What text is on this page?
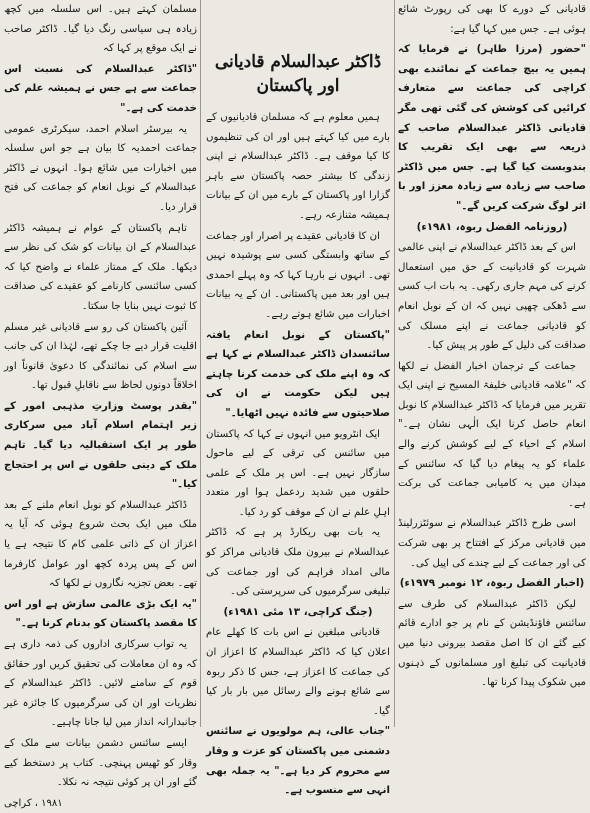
قادیانی کے دورے کا بھی کی رپورٹ شائع ہوئی ہے۔ جس میں کہا گیا ہے:

"حضور (مرزا طاہر) نے فرمایا کہ ہمیں یہ بیچ جماعت کے نمائندے بھی کراچی کی جماعت سے متعارف کرائیں کی کوشش کی گئی تھی مگر قادیانی ڈاکٹر عبدالسلام صاحب کے ذریعہ سے بھی ایک تقریب کا بندوبست کیا گیا ہے۔ جس میں ڈاکٹر صاحب سے زیادہ سے زیادہ معزز اور با اثر لوگ شرکت کریں گے۔"

(روزنامہ الفضل ربوہ، ۱۹۸۱ء)

اس کے بعد ڈاکٹر عبدالسلام نے اپنی عالمی شہرت کو قادیانیت کے حق میں استعمال کرنے کی مہم جاری رکھی۔ یہ بات اب کسی سے ڈھکی چھپی نہیں کہ ان کے نوبل انعام کو قادیانی جماعت نے اپنے مسلک کی صداقت کی دلیل کے طور پر پیش کیا۔

جماعت کے ترجمان اخبار الفضل نے لکھا کہ "علامہ قادیانی خلیفۃ المسیح نے اپنی ایک تقریر میں فرمایا کہ ڈاکٹر عبدالسلام کا نوبل انعام حاصل کرنا ایک الٰہی نشان ہے۔" اسلام کے احیاء کے لیے کوشش کرنے والے علماء کو یہ پیغام دیا گیا کہ سائنس کے میدان میں یہ کامیابی جماعت کی برکت ہے۔

اسی طرح ڈاکٹر عبدالسلام نے سوئٹزرلینڈ میں قادیانی مرکز کے افتتاح پر بھی شرکت کی اور جماعت کے لیے چندے کی اپیل کی۔

(اخبار الفضل ربوہ، ۱۲ نومبر ۱۹۷۹ء)

لیکن ڈاکٹر عبدالسلام کی طرف سے سائنس فاؤنڈیشن کے نام پر جو ادارے قائم کیے گئے ان کا اصل مقصد بیرونی دنیا میں قادیانیت کی تبلیغ اور مسلمانوں کے ذہنوں میں شکوک پیدا کرنا تھا۔

ڈاکٹر عبدالسلام قادیانی اور پاکستان

ہمیں معلوم ہے کہ مسلمان قادیانیوں کے بارے میں کیا کہتے ہیں اور ان کی تنظیموں کا کیا موقف ہے۔ ڈاکٹر عبدالسلام نے اپنی زندگی کا بیشتر حصہ پاکستان سے باہر گزارا اور پاکستان کے بارے میں ان کے بیانات ہمیشہ متنازعہ رہے۔

ان کا قادیانی عقیدے پر اصرار اور جماعت کے ساتھ وابستگی کسی سے پوشیدہ نہیں تھی۔ انہوں نے بارہا کہا کہ وہ پہلے احمدی ہیں اور بعد میں پاکستانی۔ ان کے یہ بیانات اخبارات میں شائع ہوتے رہے۔

"پاکستان کے نوبل انعام یافتہ سائنسدان ڈاکٹر عبدالسلام نے کہا ہے کہ وہ اپنے ملک کی خدمت کرنا چاہتے ہیں لیکن حکومت نے ان کی صلاحیتوں سے فائدہ نہیں اٹھایا۔"

ایک انٹرویو میں انہوں نے کہا کہ پاکستان میں سائنس کی ترقی کے لیے ماحول سازگار نہیں ہے۔ اس پر ملک کے علمی حلقوں میں شدید ردعمل ہوا اور متعدد اہلِ علم نے ان کے موقف کو رد کیا۔

یہ بات بھی ریکارڈ پر ہے کہ ڈاکٹر عبدالسلام نے بیرون ملک قادیانی مراکز کو مالی امداد فراہم کی اور جماعت کی تبلیغی سرگرمیوں کی سرپرستی کی۔

(جنگ کراچی، ۱۳ مئی ۱۹۸۱ء)

قادیانی مبلغین نے اس بات کا کھلے عام اعلان کیا کہ ڈاکٹر عبدالسلام کا اعزاز ان کی جماعت کا اعزاز ہے، جس کا ذکر ربوہ سے شائع ہونے والے رسائل میں بار بار کیا گیا۔

"جناب عالی، ہم مولویوں نے سائنس دشمنی میں پاکستان کو عزت و وقار سے محروم کر دیا ہے۔" یہ جملہ بھی انہی سے منسوب ہے۔

مسلمان کہتے ہیں۔ اس سلسلہ میں کچھ زیادہ ہی سیاسی رنگ دیا گیا۔ ڈاکٹر صاحب نے ایک موقع پر کہا کہ

"ڈاکٹر عبدالسلام کی نسبت اس جماعت سے ہے جس نے ہمیشہ علم کی خدمت کی ہے۔"

یہ بیرسٹر اسلام احمد، سیکرٹری عمومی جماعت احمدیہ کا بیان ہے جو اس سلسلہ میں اخبارات میں شائع ہوا۔ انہوں نے ڈاکٹر عبدالسلام کے نوبل انعام کو جماعت کی فتح قرار دیا۔

تاہم پاکستان کے عوام نے ہمیشہ ڈاکٹر عبدالسلام کے ان بیانات کو شک کی نظر سے دیکھا۔ ملک کے ممتاز علماء نے واضح کیا کہ کسی سائنسی کارنامے کو عقیدے کی صداقت کا ثبوت نہیں بنایا جا سکتا۔

آئین پاکستان کی رو سے قادیانی غیر مسلم اقلیت قرار دیے جا چکے تھے، لہٰذا ان کی جانب سے اسلام کی نمائندگی کا دعویٰ قانوناً اور اخلاقاً دونوں لحاظ سے ناقابلِ قبول تھا۔

"بقدر پوسٹ وزارتِ مذہبی امور کے زیر اہتمام اسلام آباد میں سرکاری طور پر ایک استقبالیہ دیا گیا۔ تاہم ملک کے دینی حلقوں نے اس پر احتجاج کیا۔"

ڈاکٹر عبدالسلام کو نوبل انعام ملنے کے بعد ملک میں ایک بحث شروع ہوئی کہ آیا یہ اعزاز ان کے ذاتی علمی کام کا نتیجہ ہے یا اس کے پس پردہ کچھ اور عوامل کارفرما تھے۔ بعض تجزیہ نگاروں نے لکھا کہ

"یہ ایک بڑی عالمی سازش ہے اور اس کا مقصد پاکستان کو بدنام کرنا ہے۔"

یہ تواب سرکاری اداروں کی ذمہ داری ہے کہ وہ ان معاملات کی تحقیق کریں اور حقائق قوم کے سامنے لائیں۔ ڈاکٹر عبدالسلام کے نظریات اور ان کی سرگرمیوں کا جائزہ غیر جانبدارانہ انداز میں لیا جانا چاہیے۔

ایسے سائنس دشمن بیانات سے ملک کے وقار کو ٹھیس پہنچی۔ کتاب پر دستخط کیے گئے اور ان پر کوئی نتیجہ نہ نکلا۔

١٩٨١ ، كراچى
